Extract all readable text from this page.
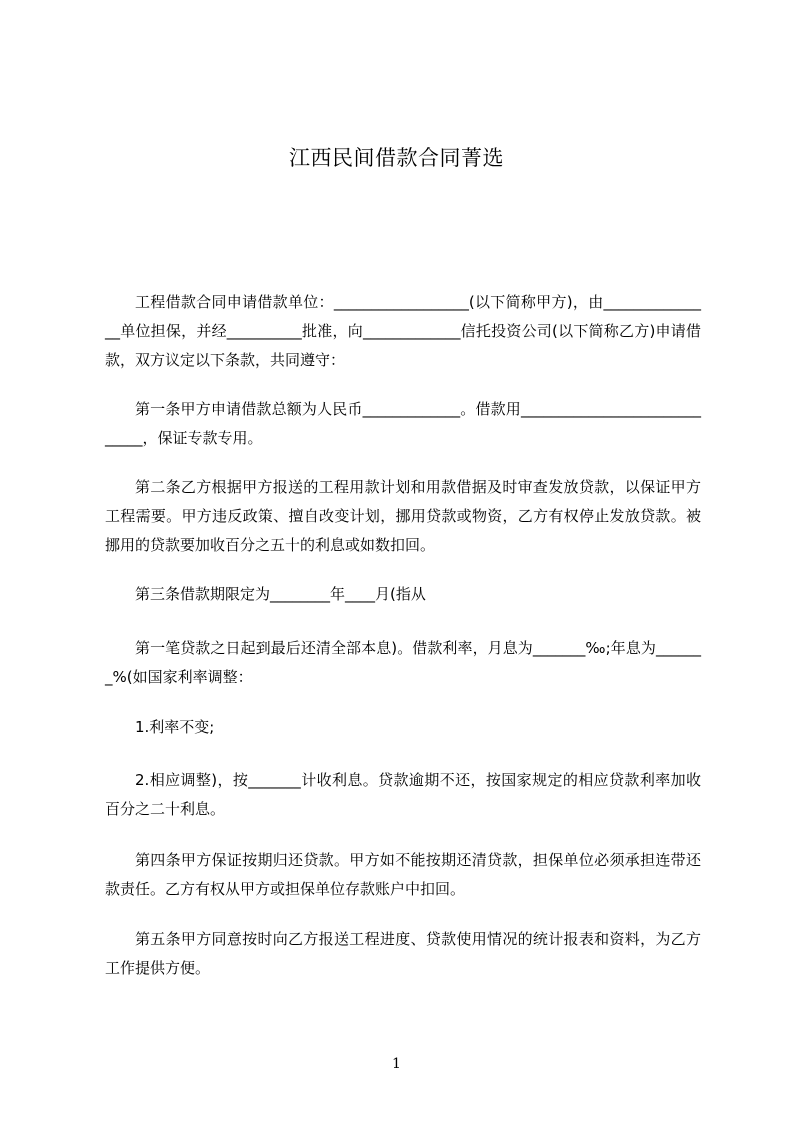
江西民间借款合同菁选

工程借款合同申请借款单位：__________________(以下简称甲方)，由_______________单位担保，并经__________批准，向_____________信托投资公司(以下简称乙方)申请借款，双方议定以下条款，共同遵守：

第一条甲方申请借款总额为人民币_____________。借款用_____________________________，保证专款专用。

第二条乙方根据甲方报送的工程用款计划和用款借据及时审查发放贷款，以保证甲方工程需要。甲方违反政策、擅自改变计划，挪用贷款或物资，乙方有权停止发放贷款。被挪用的贷款要加收百分之五十的利息或如数扣回。

第三条借款期限定为________年____月(指从

第一笔贷款之日起到最后还清全部本息)。借款利率，月息为_______‰;年息为_______%(如国家利率调整：

1.利率不变;

2.相应调整)，按_______计收利息。贷款逾期不还，按国家规定的相应贷款利率加收百分之二十利息。

第四条甲方保证按期归还贷款。甲方如不能按期还清贷款，担保单位必须承担连带还款责任。乙方有权从甲方或担保单位存款账户中扣回。

第五条甲方同意按时向乙方报送工程进度、贷款使用情况的统计报表和资料，为乙方工作提供方便。

1
